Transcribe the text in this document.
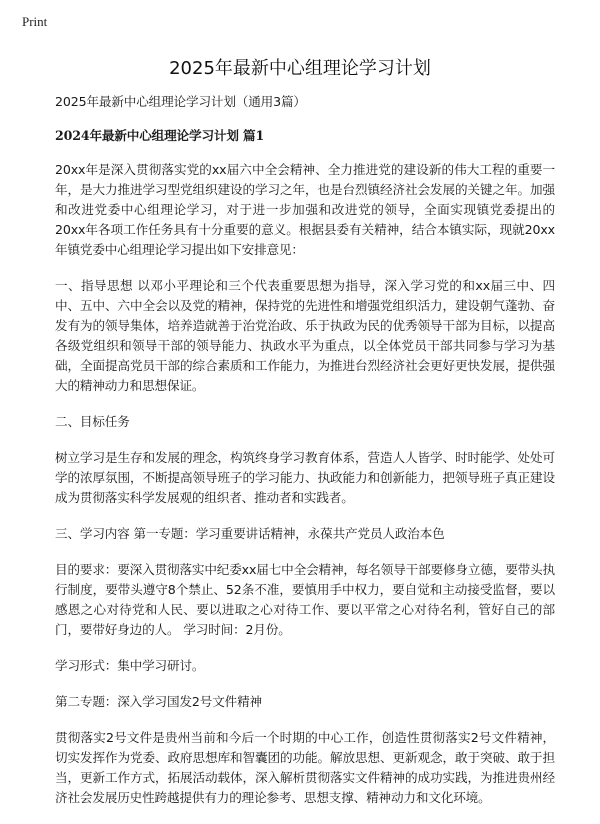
Print
2025年最新中心组理论学习计划

2025年最新中心组理论学习计划（通用3篇）

2024年最新中心组理论学习计划 篇1

20xx年是深入贯彻落实党的xx届六中全会精神、全力推进党的建设新的伟大工程的重要一年，是大力推进学习型党组织建设的学习之年，也是台烈镇经济社会发展的关键之年。加强和改进党委中心组理论学习，对于进一步加强和改进党的领导，全面实现镇党委提出的20xx年各项工作任务具有十分重要的意义。根据县委有关精神，结合本镇实际，现就20xx年镇党委中心组理论学习提出如下安排意见：

一、指导思想 以邓小平理论和三个代表重要思想为指导，深入学习党的和xx届三中、四中、五中、六中全会以及党的精神，保持党的先进性和增强党组织活力，建设朝气蓬勃、奋发有为的领导集体，培养造就善于治党治政、乐于执政为民的优秀领导干部为目标，以提高各级党组织和领导干部的领导能力、执政水平为重点，以全体党员干部共同参与学习为基础，全面提高党员干部的综合素质和工作能力，为推进台烈经济社会更好更快发展，提供强大的精神动力和思想保证。

二、目标任务

树立学习是生存和发展的理念，构筑终身学习教育体系，营造人人皆学、时时能学、处处可学的浓厚氛围，不断提高领导班子的学习能力、执政能力和创新能力，把领导班子真正建设成为贯彻落实科学发展观的组织者、推动者和实践者。

三、学习内容 第一专题：学习重要讲话精神，永葆共产党员人政治本色

目的要求：要深入贯彻落实中纪委xx届七中全会精神，每名领导干部要修身立德，要带头执行制度，要带头遵守8个禁止、52条不准，要慎用手中权力，要自觉和主动接受监督，要以感恩之心对待党和人民、要以进取之心对待工作、要以平常之心对待名利，管好自己的部门，要带好身边的人。 学习时间：2月份。

学习形式：集中学习研讨。

第二专题：深入学习国发2号文件精神

贯彻落实2号文件是贵州当前和今后一个时期的中心工作，创造性贯彻落实2号文件精神，切实发挥作为党委、政府思想库和智囊团的功能。解放思想、更新观念，敢于突破、敢于担当，更新工作方式，拓展活动载体，深入解析贯彻落实文件精神的成功实践，为推进贵州经济社会发展历史性跨越提供有力的理论参考、思想支撑、精神动力和文化环境。
